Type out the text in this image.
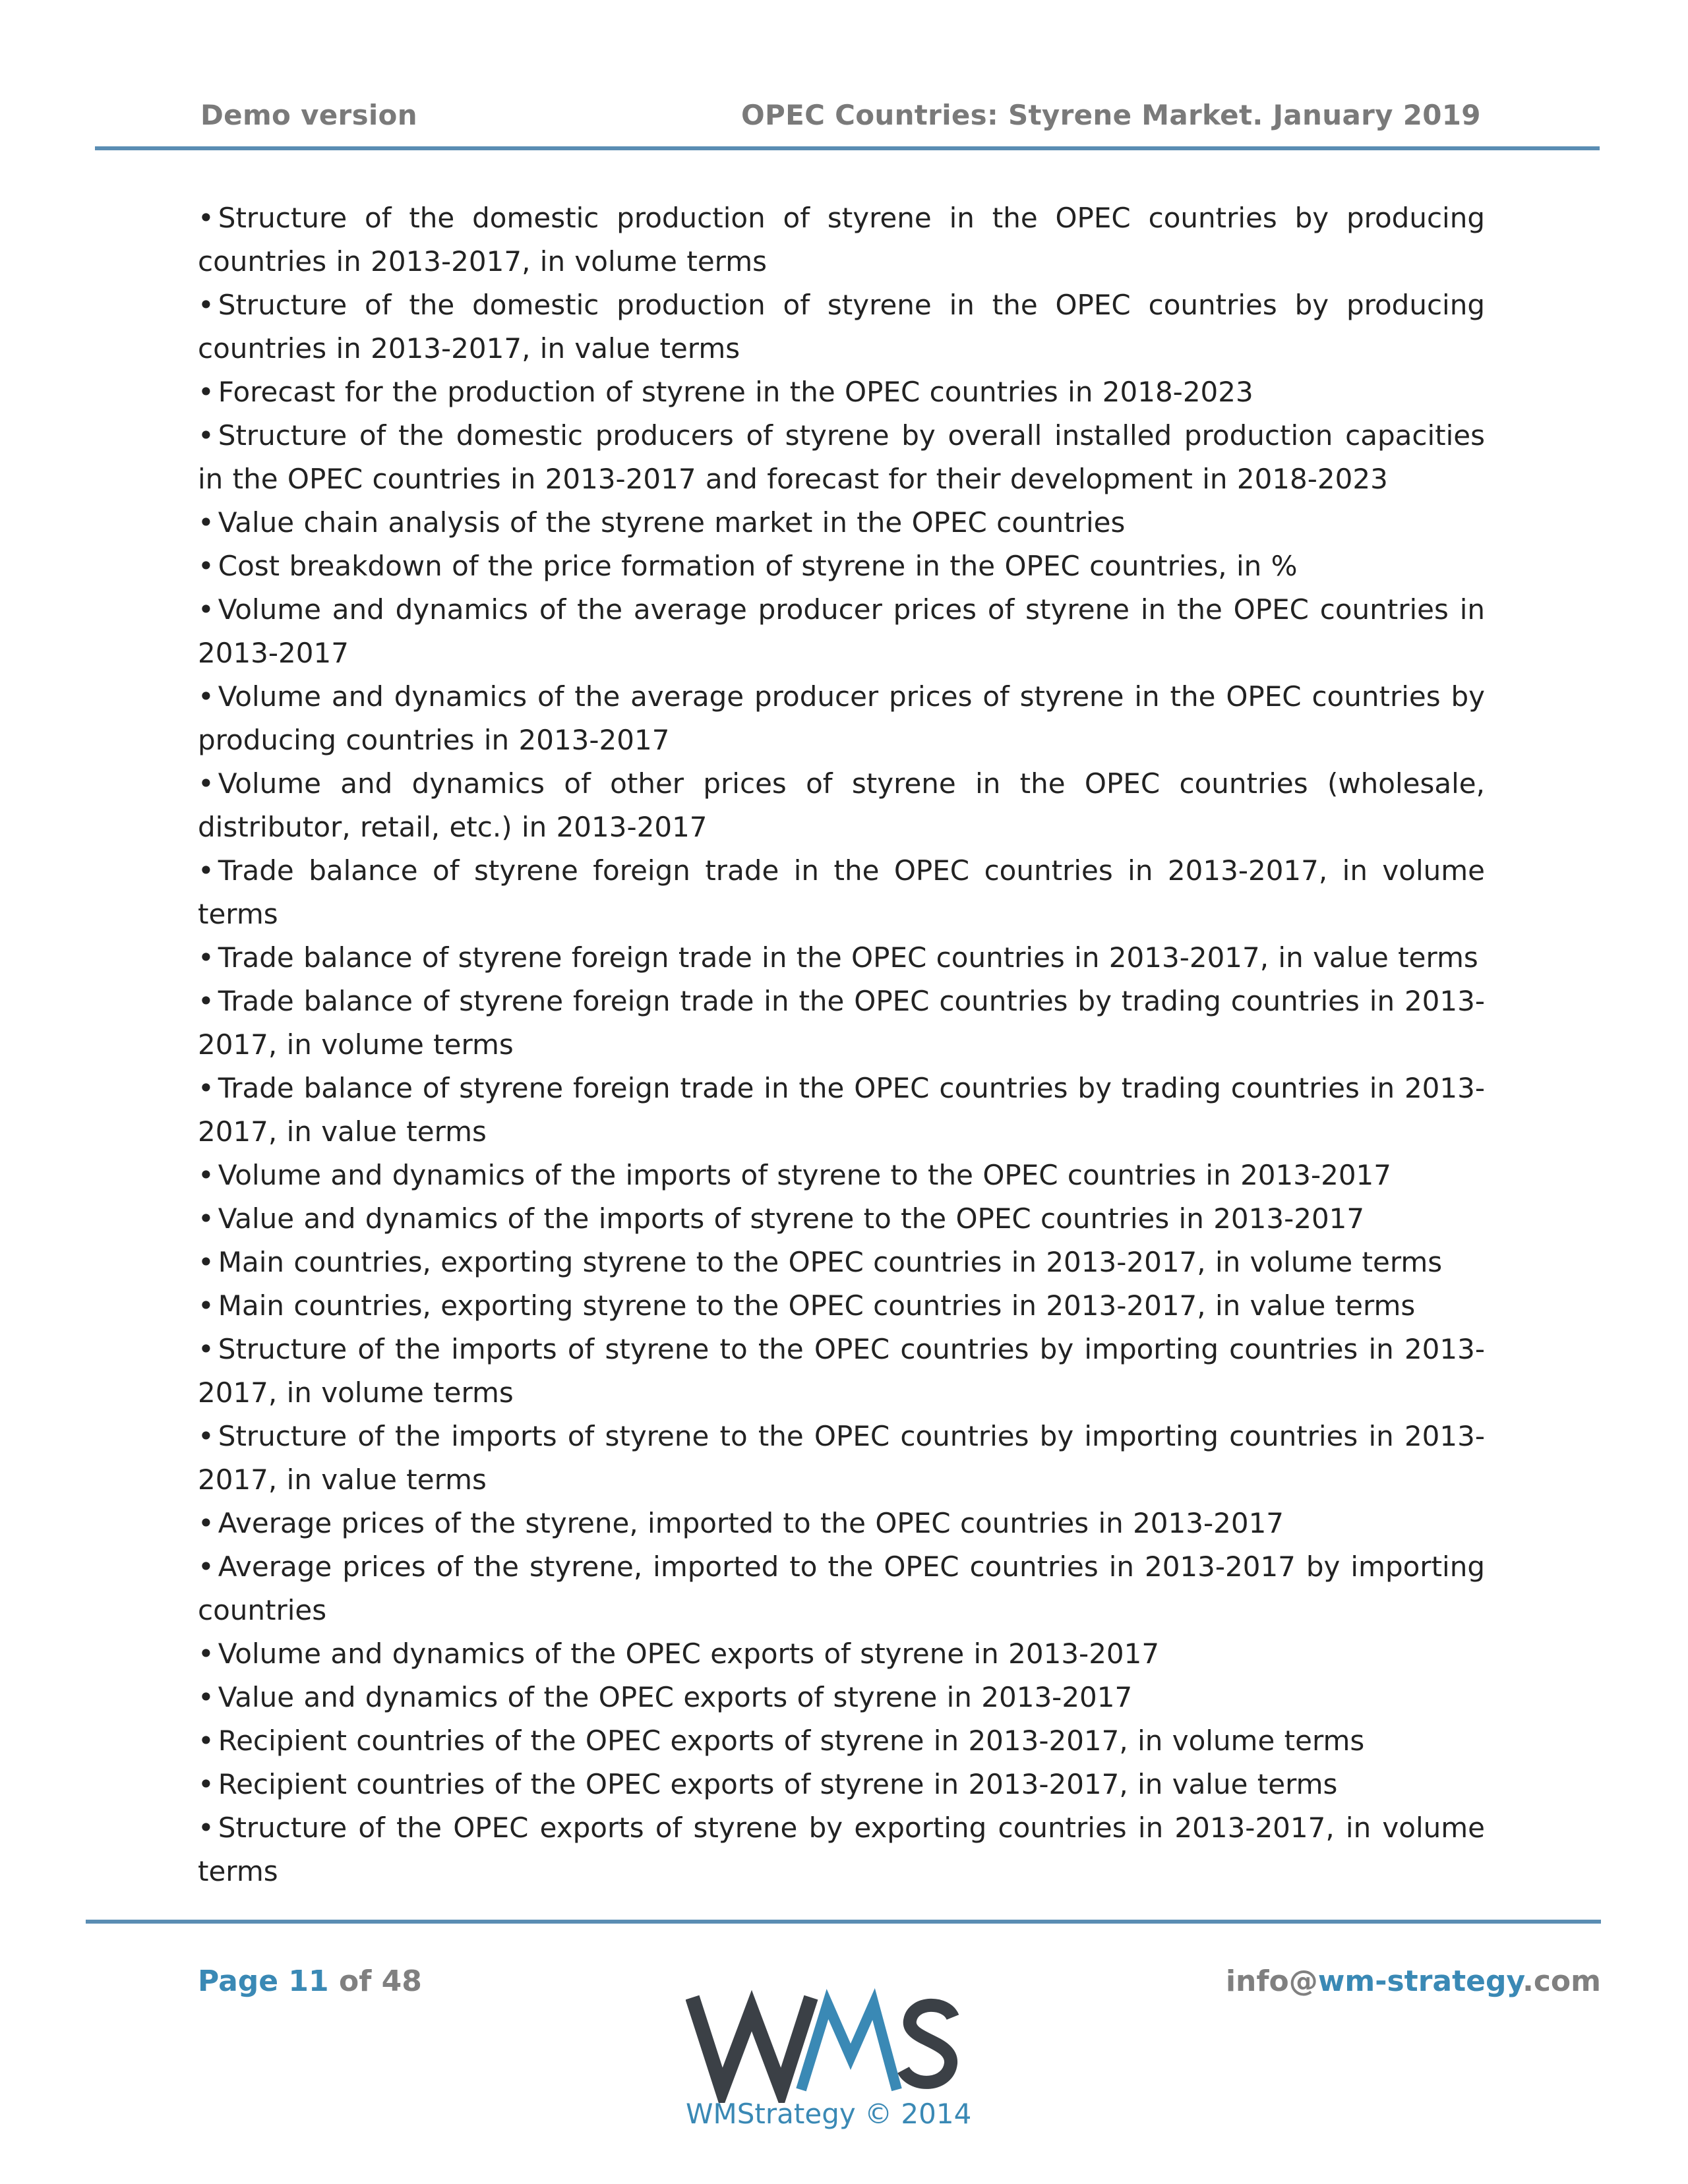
Demo version	OPEC Countries: Styrene Market. January 2019
• Structure of the domestic production of styrene in the OPEC countries by producing countries in 2013-2017, in volume terms
• Structure of the domestic production of styrene in the OPEC countries by producing countries in 2013-2017, in value terms
• Forecast for the production of styrene in the OPEC countries in 2018-2023
• Structure of the domestic producers of styrene by overall installed production capacities in the OPEC countries in 2013-2017 and forecast for their development in 2018-2023
• Value chain analysis of the styrene market in the OPEC countries
• Cost breakdown of the price formation of styrene in the OPEC countries, in %
• Volume and dynamics of the average producer prices of styrene in the OPEC countries in 2013-2017
• Volume and dynamics of the average producer prices of styrene in the OPEC countries by producing countries in 2013-2017
• Volume and dynamics of other prices of styrene in the OPEC countries (wholesale, distributor, retail, etc.) in 2013-2017
• Trade balance of styrene foreign trade in the OPEC countries in 2013-2017, in volume terms
• Trade balance of styrene foreign trade in the OPEC countries in 2013-2017, in value terms
• Trade balance of styrene foreign trade in the OPEC countries by trading countries in 2013-2017, in volume terms
• Trade balance of styrene foreign trade in the OPEC countries by trading countries in 2013-2017, in value terms
• Volume and dynamics of the imports of styrene to the OPEC countries in 2013-2017
• Value and dynamics of the imports of styrene to the OPEC countries in 2013-2017
• Main countries, exporting styrene to the OPEC countries in 2013-2017, in volume terms
• Main countries, exporting styrene to the OPEC countries in 2013-2017, in value terms
• Structure of the imports of styrene to the OPEC countries by importing countries in 2013-2017, in volume terms
• Structure of the imports of styrene to the OPEC countries by importing countries in 2013-2017, in value terms
• Average prices of the styrene, imported to the OPEC countries in 2013-2017
• Average prices of the styrene, imported to the OPEC countries in 2013-2017 by importing countries
• Volume and dynamics of the OPEC exports of styrene in 2013-2017
• Value and dynamics of the OPEC exports of styrene in 2013-2017
• Recipient countries of the OPEC exports of styrene in 2013-2017, in volume terms
• Recipient countries of the OPEC exports of styrene in 2013-2017, in value terms
• Structure of the OPEC exports of styrene by exporting countries in 2013-2017, in volume terms
Page 11 of 48
WMStrategy © 2014
info@wm-strategy.com
